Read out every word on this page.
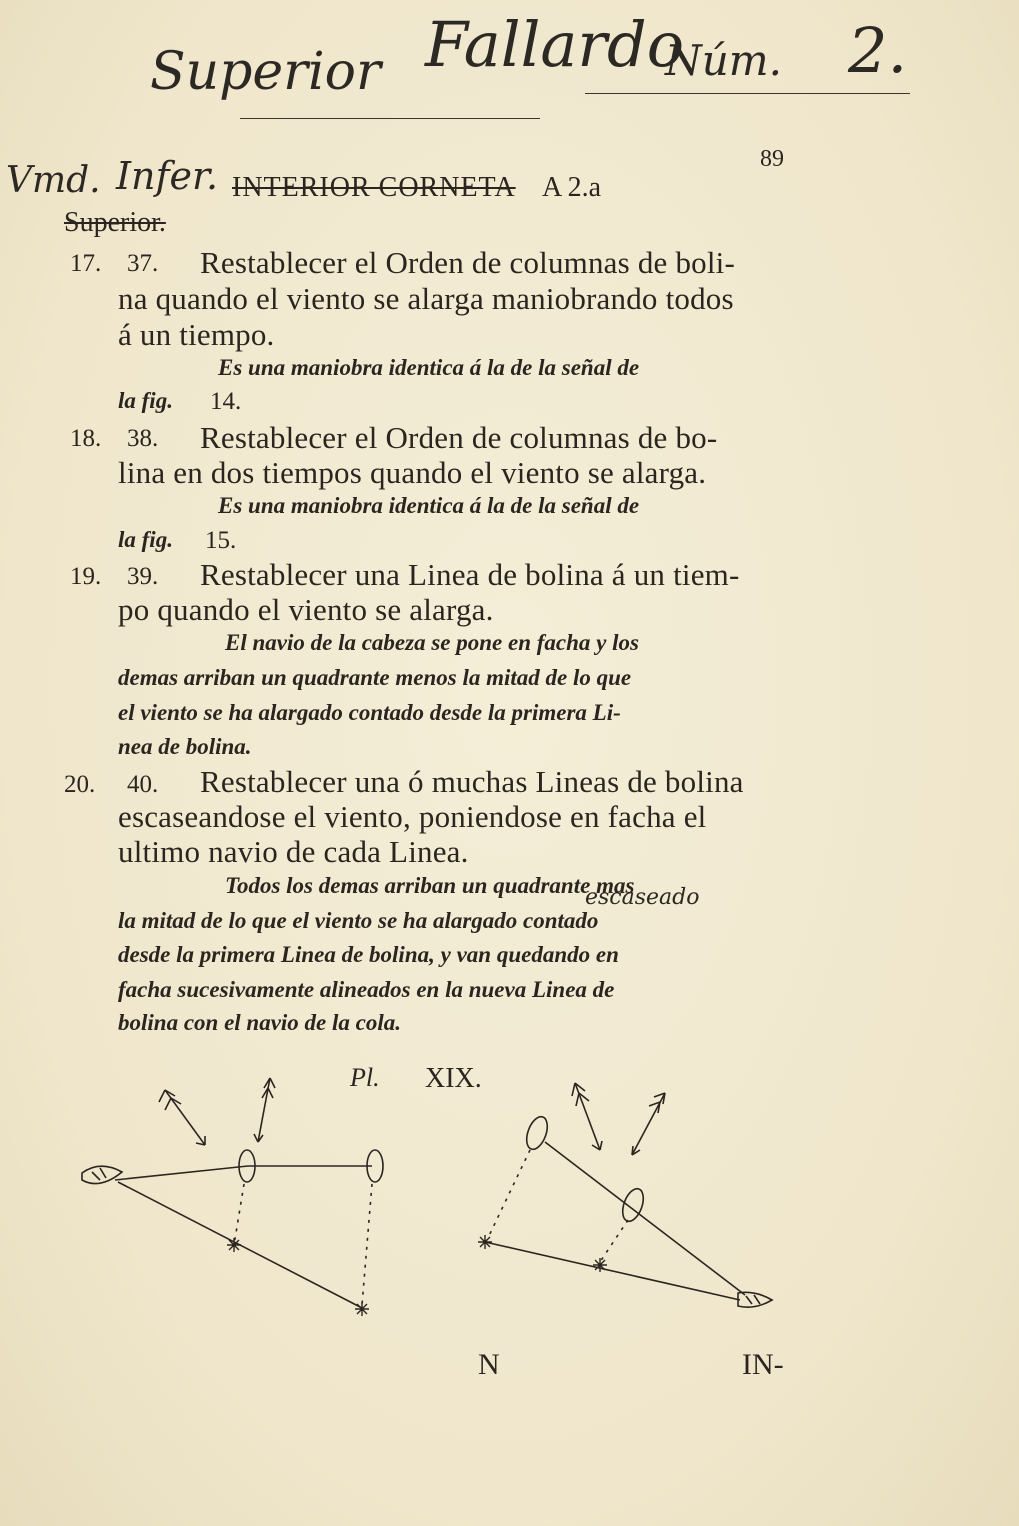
Superior Fallardo
Núm. 2.
Vmd. Infer. INTERIOR CORNETA A 2.a
89
Superior.
17. 37. Restablecer el Orden de columnas de boli-
na quando el viento se alarga maniobrando todos
á un tiempo.
Es una maniobra identica á la de la señal de
la fig. 14.
18. 38. Restablecer el Orden de columnas de bo-
lina en dos tiempos quando el viento se alarga.
Es una maniobra identica á la de la señal de
la fig. 15.
19. 39. Restablecer una Linea de bolina á un tiem-
po quando el viento se alarga.
El navio de la cabeza se pone en facha y los
demas arriban un quadrante menos la mitad de lo que
el viento se ha alargado contado desde la primera Li-
nea de bolina.
20. 40. Restablecer una ó muchas Lineas de bolina
escaseandose el viento, poniendose en facha el
ultimo navio de cada Linea.
Todos los demas arriban un quadrante mas
la mitad de lo que el viento se ha alargado contado
desde la primera Linea de bolina, y van quedando en
facha sucesivamente alineados en la nueva Linea de
bolina con el navio de la cola.
escaseado
Pl. XIX.
N	IN-
